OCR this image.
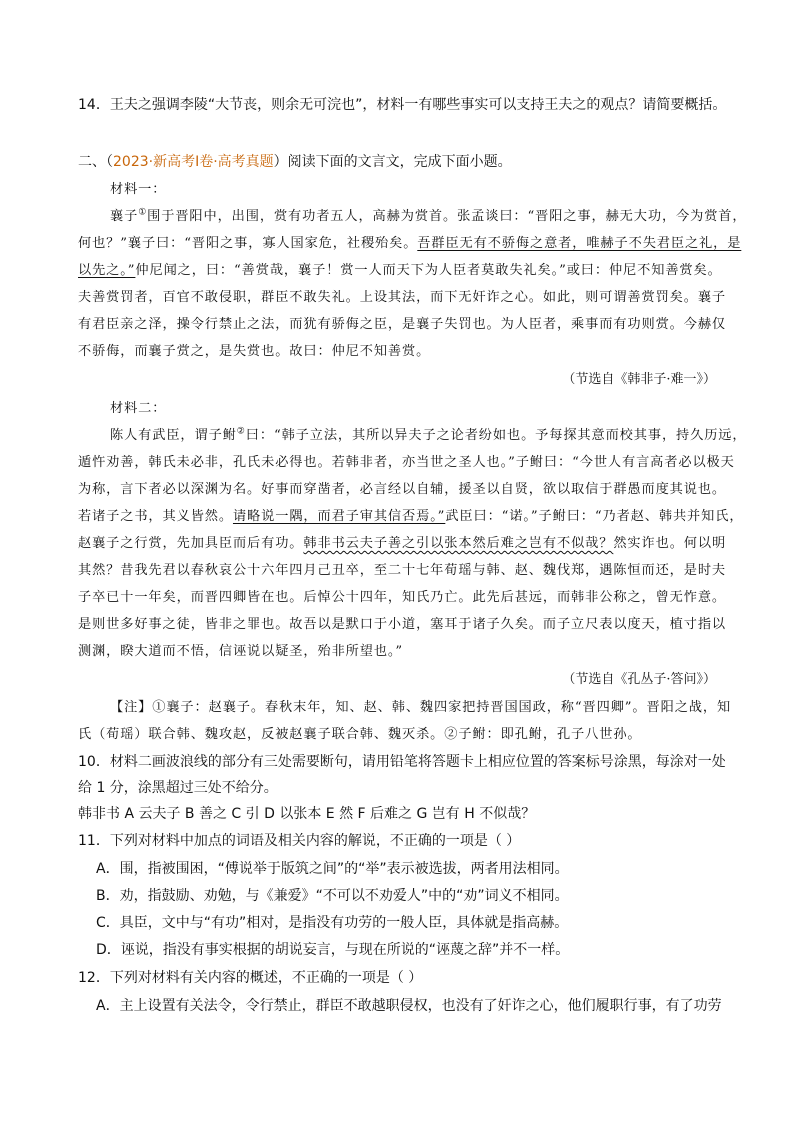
14．王夫之强调李陵“大节丧，则余无可浣也”，材料一有哪些事实可以支持王夫之的观点？请简要概括。
二、（2023·新高考Ⅰ卷·高考真题）阅读下面的文言文，完成下面小题。
材料一：
襄子①围于晋阳中，出围，赏有功者五人，高赫为赏首。张孟谈曰：“晋阳之事，赫无大功，今为赏首，
何也？”襄子曰：“晋阳之事，寡人国家危，社稷殆矣。吾群臣无有不骄侮之意者，唯赫子不失君臣之礼，是
以先之。”仲尼闻之，曰：“善赏哉，襄子！赏一人而天下为人臣者莫敢失礼矣。”或曰：仲尼不知善赏矣。
夫善赏罚者，百官不敢侵职，群臣不敢失礼。上设其法，而下无奸诈之心。如此，则可谓善赏罚矣。襄子
有君臣亲之泽，操令行禁止之法，而犹有骄侮之臣，是襄子失罚也。为人臣者，乘事而有功则赏。今赫仅
不骄侮，而襄子赏之，是失赏也。故曰：仲尼不知善赏。
（节选自《韩非子·难一》）
材料二：
陈人有武臣，谓子鲋②曰：“韩子立法，其所以异夫子之论者纷如也。予每探其意而校其事，持久历远，
遁忤劝善，韩氏未必非，孔氏未必得也。若韩非者，亦当世之圣人也。”子鲋曰：“今世人有言高者必以极天
为称，言下者必以深渊为名。好事而穿凿者，必言经以自辅，援圣以自贤，欲以取信于群愚而度其说也。
若诸子之书，其义皆然。请略说一隅，而君子审其信否焉。”武臣曰：“诺。”子鲋曰：“乃者赵、韩共并知氏，
赵襄子之行赏，先加具臣而后有功。韩非书云夫子善之引以张本然后难之岂有不似哉？然实诈也。何以明
其然？昔我先君以春秋哀公十六年四月己丑卒，至二十七年荀瑶与韩、赵、魏伐郑，遇陈恒而还，是时夫
子卒已十一年矣，而晋四卿皆在也。后悼公十四年，知氏乃亡。此先后甚远，而韩非公称之，曾无怍意。
是则世多好事之徒，皆非之罪也。故吾以是默口于小道，塞耳于诸子久矣。而子立尺表以度天，植寸指以
测渊，睽大道而不悟，信诬说以疑圣，殆非所望也。”
（节选自《孔丛子·答问》）
【注】①襄子：赵襄子。春秋末年，知、赵、韩、魏四家把持晋国国政，称“晋四卿”。晋阳之战，知
氏（荀瑶）联合韩、魏攻赵，反被赵襄子联合韩、魏灭杀。②子鲋：即孔鲋，孔子八世孙。
10．材料二画波浪线的部分有三处需要断句，请用铅笔将答题卡上相应位置的答案标号涂黑，每涂对一处
给 1 分，涂黑超过三处不给分。
韩非书 A 云夫子 B 善之 C 引 D 以张本 E 然 F 后难之 G 岂有 H 不似哉？
11．下列对材料中加点的词语及相关内容的解说，不正确的一项是（ ）
A．围，指被围困，“傅说举于版筑之间”的“举”表示被选拔，两者用法相同。
B．劝，指鼓励、劝勉，与《兼爱》“不可以不劝爱人”中的“劝”词义不相同。
C．具臣，文中与“有功”相对，是指没有功劳的一般人臣，具体就是指高赫。
D．诬说，指没有事实根据的胡说妄言，与现在所说的“诬蔑之辞”并不一样。
12．下列对材料有关内容的概述，不正确的一项是（ ）
A．主上设置有关法令，令行禁止，群臣不敢越职侵权，也没有了奸诈之心，他们履职行事，有了功劳
